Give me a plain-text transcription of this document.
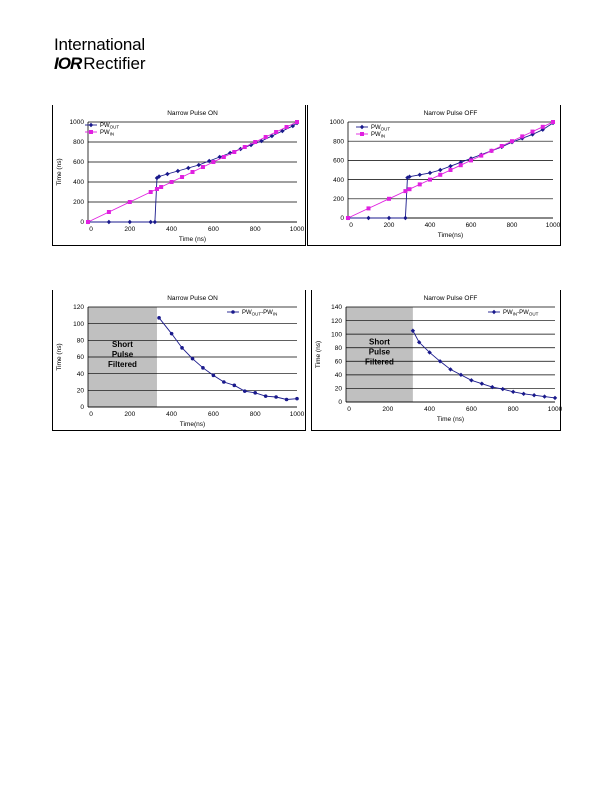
International
IOR Rectifier
Narrow Pulse ON
0
200
400
600
800
1000
0	200	400	600	800	1000
Time (ns)
Time (ns)
$PW_{OUT}$
$PW_{IN}$
Narrow Pulse OFF
0
200
400
600
800
1000
0	200	400	600	800	1000
Time(ns)
$PW_{OUT}$
$PW_{IN}$
Narrow Pulse ON
Short
Pulse
Filtered
0
20
40
60
80
100
120
0	200	400	600	800	1000
Time(ns)
Time (ns)
$PW_{OUT}-PW_{IN}$
Narrow Pulse OFF
Short
Pulse
Filtered
0
20
40
60
80
100
120
140
0	200	400	600	800	1000
Time (ns)
Time (ns)
$PW_{IN}-PW_{OUT}$
